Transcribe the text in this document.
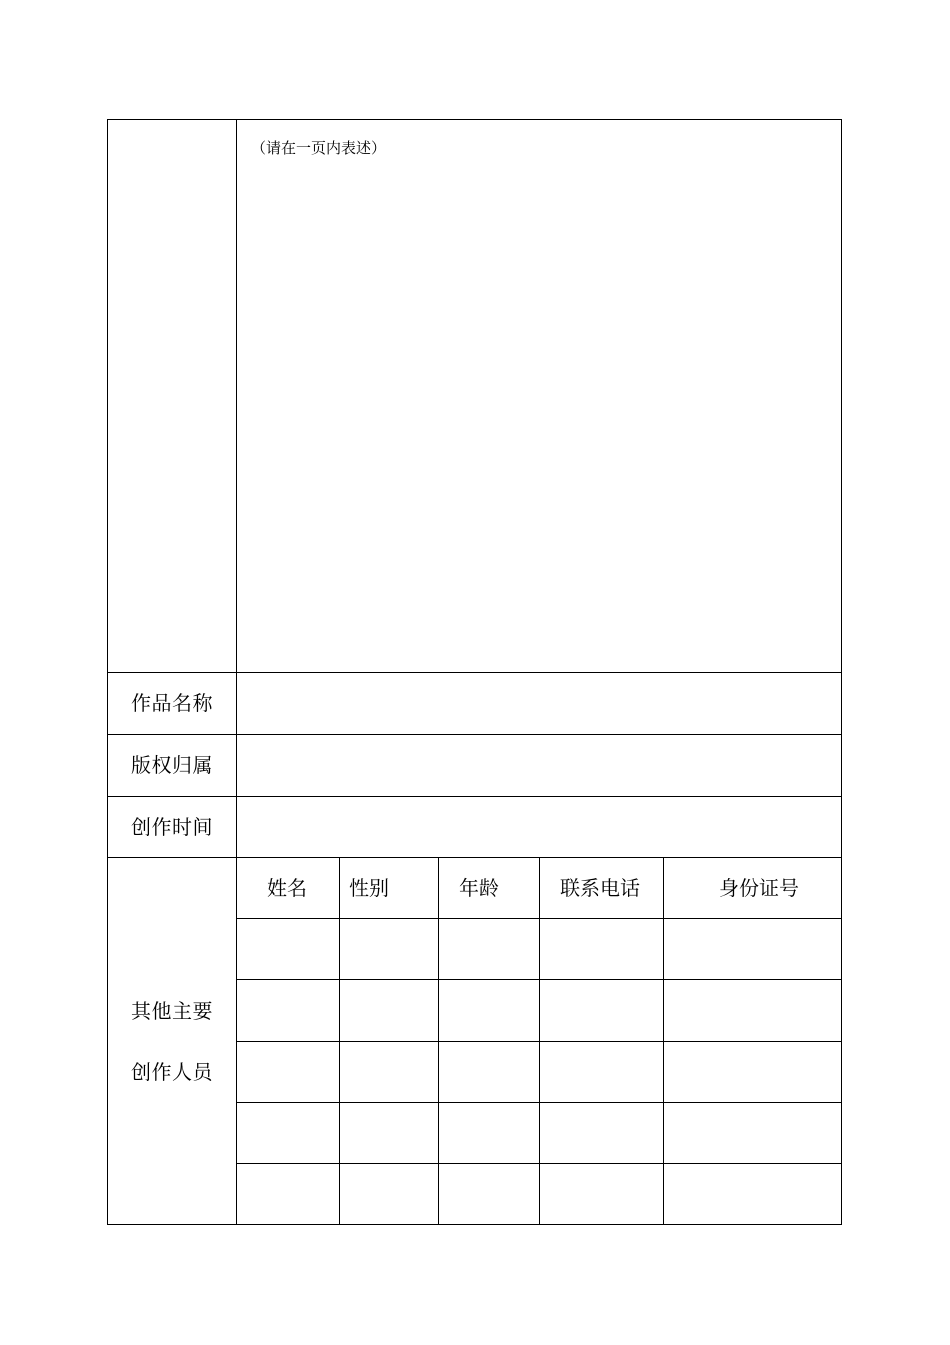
（请在一页内表述）
作品名称
版权归属
创作时间
其他主要
创作人员
姓名 性别	年龄	联系电话	身份证号
